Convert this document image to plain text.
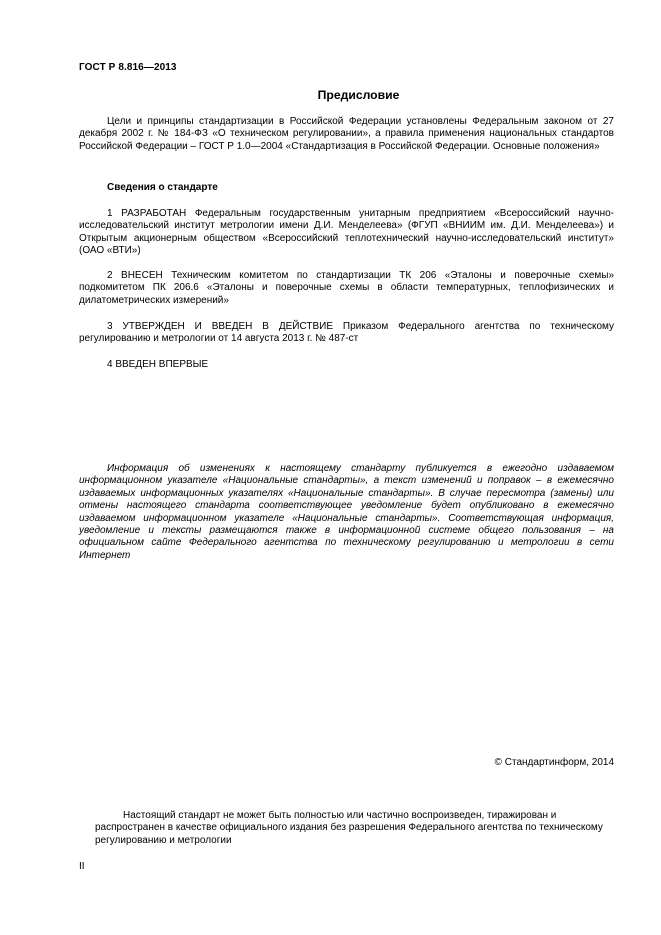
ГОСТ Р 8.816—2013
Предисловие

Цели и принципы стандартизации в Российской Федерации установлены Федеральным законом от 27 декабря 2002 г. № 184-ФЗ «О техническом регулировании», а правила применения национальных стандартов Российской Федерации – ГОСТ Р 1.0—2004 «Стандартизация в Российской Федерации. Основные положения»

Сведения о стандарте

1 РАЗРАБОТАН Федеральным государственным унитарным предприятием «Всероссийский научно-исследовательский институт метрологии имени Д.И. Менделеева» (ФГУП «ВНИИМ им. Д.И. Менделеева») и Открытым акционерным обществом «Всероссийский теплотехнический научно-исследовательский институт» (ОАО «ВТИ»)

2 ВНЕСЕН Техническим комитетом по стандартизации ТК 206 «Эталоны и поверочные схемы» подкомитетом ПК 206.6 «Эталоны и поверочные схемы в области температурных, теплофизических и дилатометрических измерений»

3 УТВЕРЖДЕН И ВВЕДЕН В ДЕЙСТВИЕ Приказом Федерального агентства по техническому регулированию и метрологии от 14 августа 2013 г. № 487-ст

4 ВВЕДЕН ВПЕРВЫЕ

Информация об изменениях к настоящему стандарту публикуется в ежегодно издаваемом информационном указателе «Национальные стандарты», а текст изменений и поправок – в ежемесячно издаваемых информационных указателях «Национальные стандарты». В случае пересмотра (замены) или отмены настоящего стандарта соответствующее уведомление будет опубликовано в ежемесячно издаваемом информационном указателе «Национальные стандарты». Соответствующая информация, уведомление и тексты размещаются также в информационной системе общего пользования – на официальном сайте Федерального агентства по техническому регулированию и метрологии в сети Интернет

© Стандартинформ, 2014

Настоящий стандарт не может быть полностью или частично воспроизведен, тиражирован и распространен в качестве официального издания без разрешения Федерального агентства по техническому регулированию и метрологии

II
